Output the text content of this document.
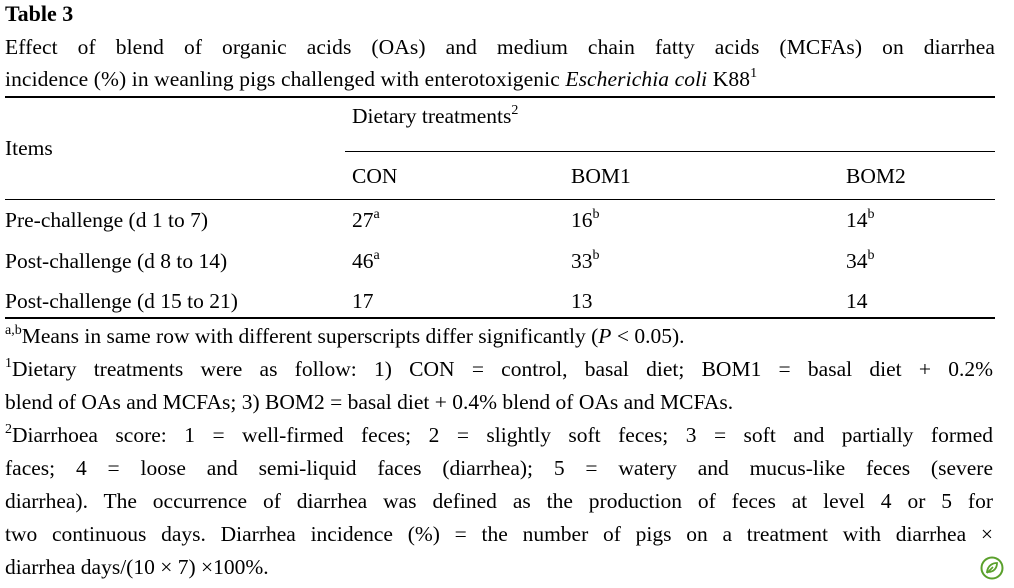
Table 3
Effect of blend of organic acids (OAs) and medium chain fatty acids (MCFAs) on diarrhea
incidence (%) in weanling pigs challenged with enterotoxigenic Escherichia coli $K88^1$
Items
Dietary treatments$^2$
CON	BOM1	BOM2
Pre-challenge (d 1 to 7)	27$^a$	16$^b$	14$^b$
Post-challenge (d 8 to 14)	46$^a$	33$^b$	34$^b$
Post-challenge (d 15 to 21)	17	13	14
$^{a,b}$Means in same row with different superscripts differ significantly (P < 0.05).
$^1$Dietary treatments were as follow: 1) CON = control, basal diet; BOM1 = basal diet + 0.2%
blend of OAs and MCFAs; 3) BOM2 = basal diet + 0.4% blend of OAs and MCFAs.
$^2$Diarrhoea score: 1 = well-firmed feces; 2 = slightly soft feces; 3 = soft and partially formed
faces; 4 = loose and semi-liquid faces (diarrhea); 5 = watery and mucus-like feces (severe
diarrhea). The occurrence of diarrhea was defined as the production of feces at level 4 or 5 for
two continuous days. Diarrhea incidence (%) = the number of pigs on a treatment with diarrhea ×
diarrhea days/(10 × 7) ×100%.
